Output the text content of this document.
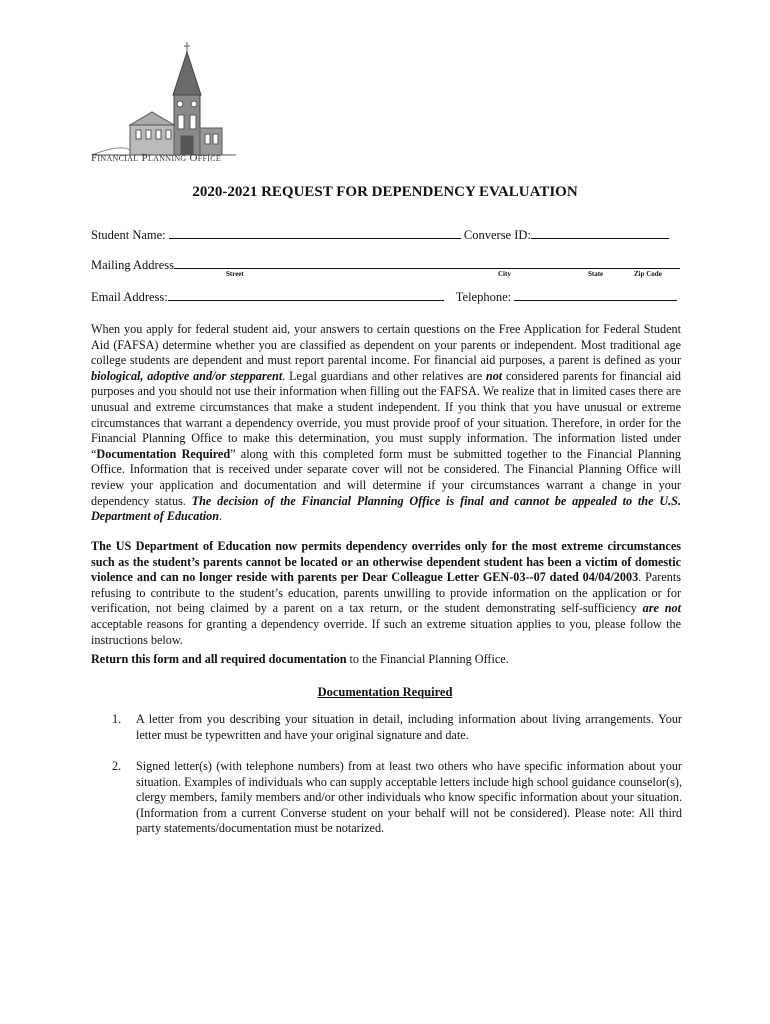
Financial Planning Office
2020-2021 REQUEST FOR DEPENDENCY EVALUATION
Student Name:	Converse ID:
Mailing Address
Street	City	State	Zip Code
Email Address:	Telephone:
When you apply for federal student aid, your answers to certain questions on the Free Application for Federal Student Aid (FAFSA) determine whether you are classified as dependent on your parents or independent. Most traditional age college students are dependent and must report parental income. For financial aid purposes, a parent is defined as your biological, adoptive and/or stepparent. Legal guardians and other relatives are not considered parents for financial aid purposes and you should not use their information when filling out the FAFSA. We realize that in limited cases there are unusual and extreme circumstances that make a student independent. If you think that you have unusual or extreme circumstances that warrant a dependency override, you must provide proof of your situation. Therefore, in order for the Financial Planning Office to make this determination, you must supply information. The information listed under “Documentation Required” along with this completed form must be submitted together to the Financial Planning Office. Information that is received under separate cover will not be considered. The Financial Planning Office will review your application and documentation and will determine if your circumstances warrant a change in your dependency status. The decision of the Financial Planning Office is final and cannot be appealed to the U.S. Department of Education.
The US Department of Education now permits dependency overrides only for the most extreme circumstances such as the student’s parents cannot be located or an otherwise dependent student has been a victim of domestic violence and can no longer reside with parents per Dear Colleague Letter GEN-03--07 dated 04/04/2003. Parents refusing to contribute to the student’s education, parents unwilling to provide information on the application or for verification, not being claimed by a parent on a tax return, or the student demonstrating self-sufficiency are not acceptable reasons for granting a dependency override. If such an extreme situation applies to you, please follow the instructions below.
Return this form and all required documentation to the Financial Planning Office.
Documentation Required
1. A letter from you describing your situation in detail, including information about living arrangements. Your letter must be typewritten and have your original signature and date.
2. Signed letter(s) (with telephone numbers) from at least two others who have specific information about your situation. Examples of individuals who can supply acceptable letters include high school guidance counselor(s), clergy members, family members and/or other individuals who know specific information about your situation. (Information from a current Converse student on your behalf will not be considered). Please note: All third party statements/documentation must be notarized.
